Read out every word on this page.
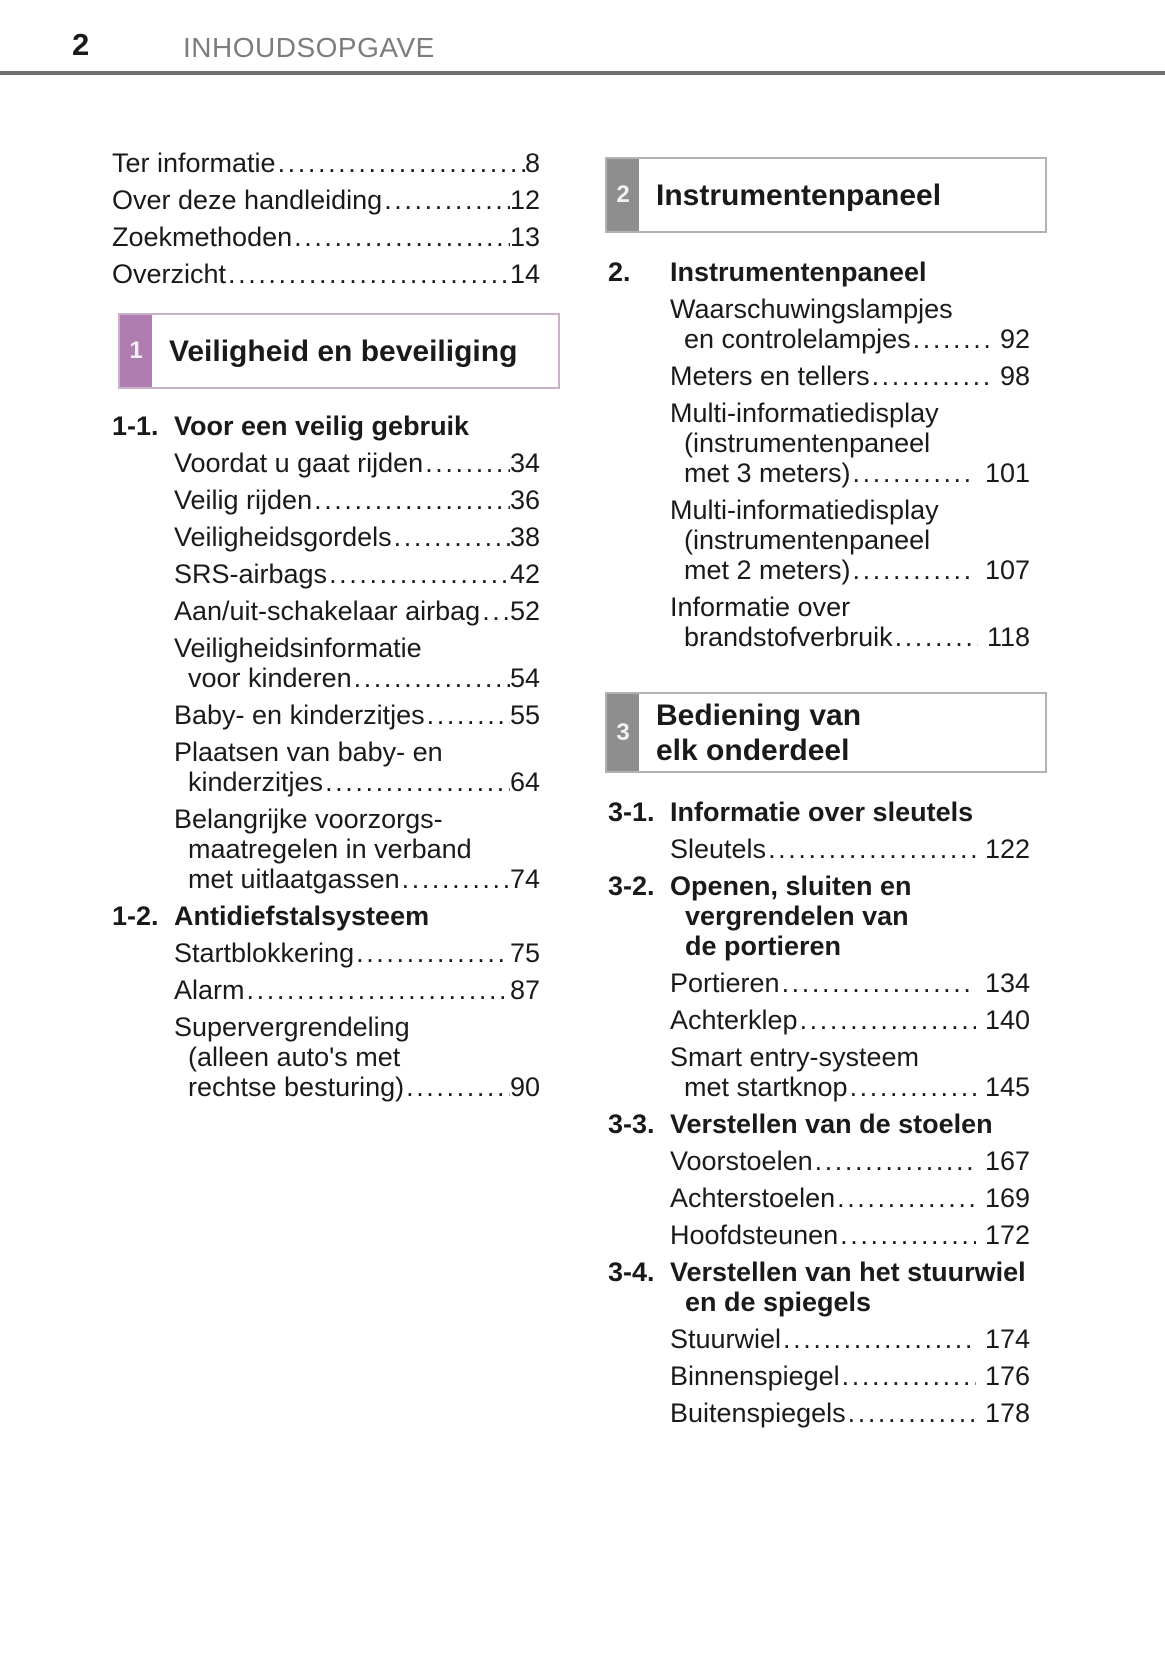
2	INHOUDSOPGAVE
Ter informatie .....	8
Over deze handleiding .....	12
Zoekmethoden .....	13
Overzicht .....	14
1 Veiligheid en beveiliging
1-1. Voor een veilig gebruik
Voordat u gaat rijden .....	34
Veilig rijden .....	36
Veiligheidsgordels .....	38
SRS-airbags .....	42
Aan/uit-schakelaar airbag ..... 52
Veiligheidsinformatie
voor kinderen .....	54
Baby- en kinderzitjes .....	55
Plaatsen van baby- en
kinderzitjes .....	64
Belangrijke voorzorgs-
maatregelen in verband
met uitlaatgassen .....	74
1-2. Antidiefstalsysteem
Startblokkering .....	75
Alarm .....	87
Supervergrendeling
(alleen auto's met
rechtse besturing) .....	90
2 Instrumentenpaneel
2.	Instrumentenpaneel
Waarschuwingslampjes
en controlelampjes .....	92
Meters en tellers .....	98
Multi-informatiedisplay
(instrumentenpaneel
met 3 meters) .....	101
Multi-informatiedisplay
(instrumentenpaneel
met 2 meters) .....	107
Informatie over
brandstofverbruik .....	118
3
Bediening van
elk onderdeel
3-1. Informatie over sleutels
Sleutels .....	122
3-2. Openen, sluiten en
vergrendelen van
de portieren
Portieren .....	134
Achterklep .....	140
Smart entry-systeem
met startknop .....	145
3-3. Verstellen van de stoelen
Voorstoelen .....	167
Achterstoelen .....	169
Hoofdsteunen .....	172
3-4. Verstellen van het stuurwiel
en de spiegels
Stuurwiel .....	174
Binnenspiegel .....	176
Buitenspiegels .....	178
